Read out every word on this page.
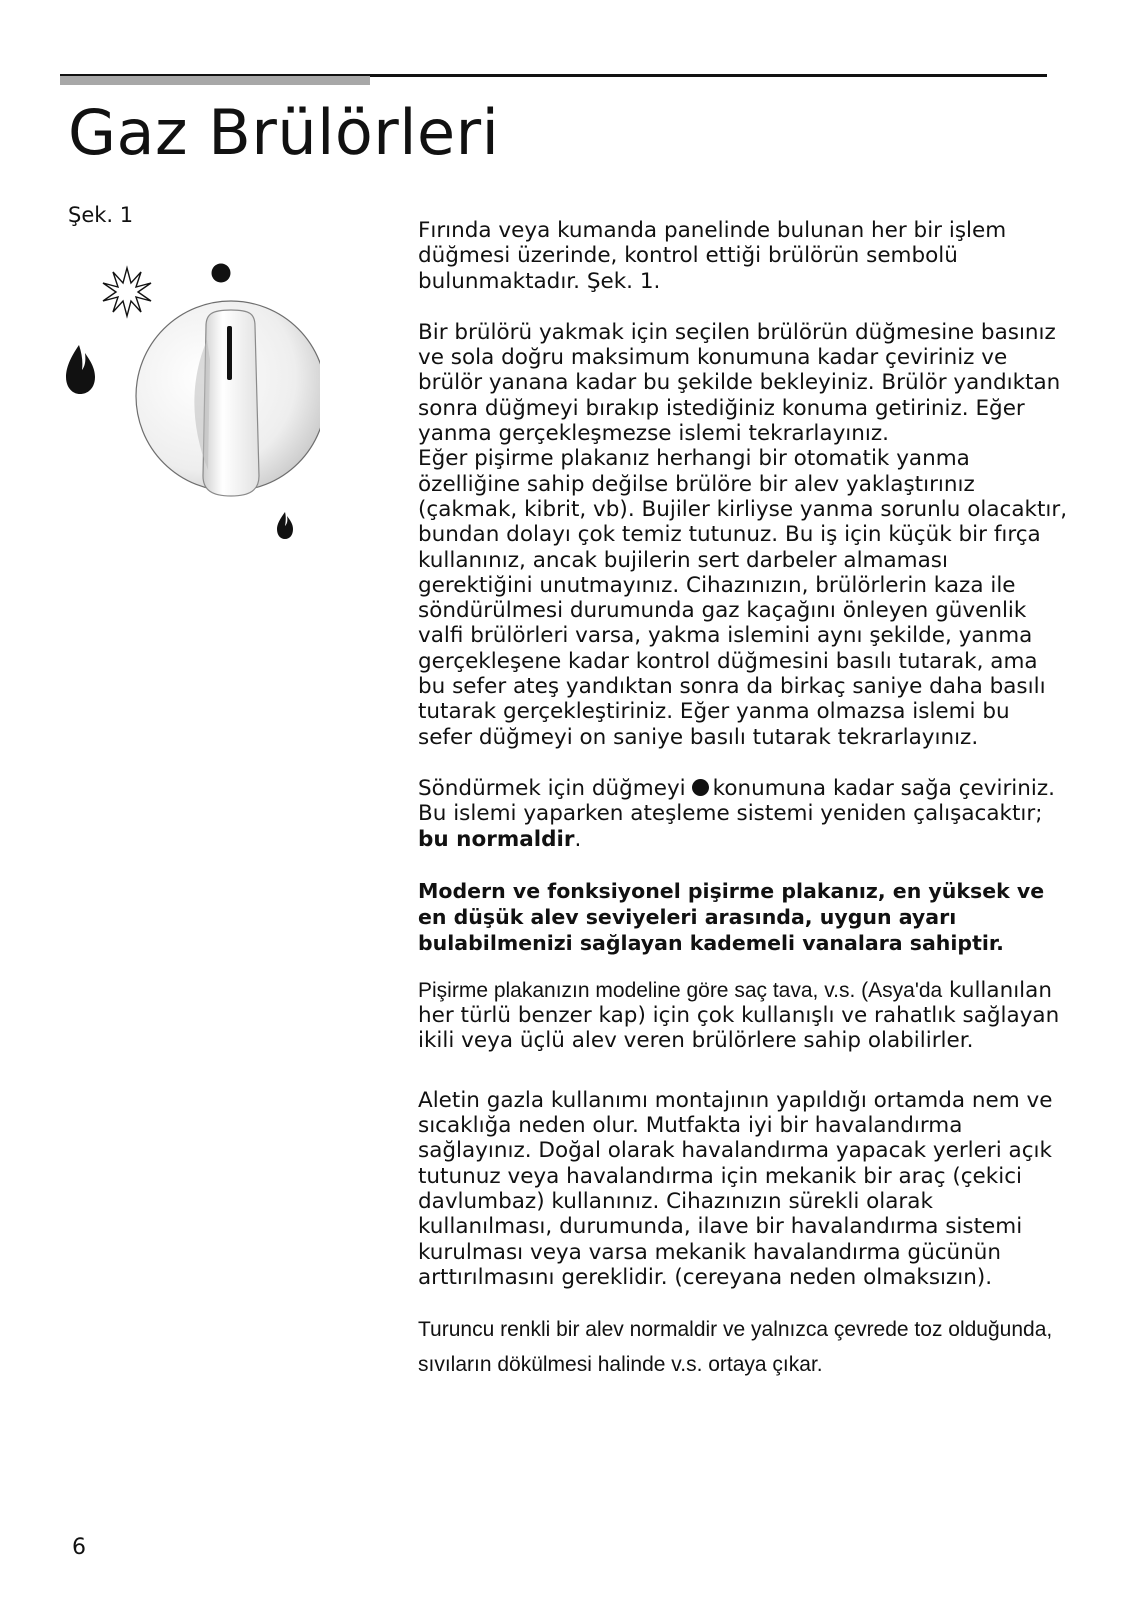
Gaz Brülörleri
Şek. 1

Fırında veya kumanda panelinde bulunan her bir işlem düğmesi üzerinde, kontrol ettiği brülörün sembolü bulunmaktadır. Şek. 1.

Bir brülörü yakmak için seçilen brülörün düğmesine basınız ve sola doğru maksimum konumuna kadar çeviriniz ve brülör yanana kadar bu şekilde bekleyiniz. Brülör yandıktan sonra düğmeyi bırakıp istediğiniz konuma getiriniz. Eğer yanma gerçekleşmezse islemi tekrarlayınız.

Eğer pişirme plakanız herhangi bir otomatik yanma özelliğine sahip değilse brülöre bir alev yaklaştırınız (çakmak, kibrit, vb). Bujiler kirliyse yanma sorunlu olacaktır, bundan dolayı çok temiz tutunuz. Bu iş için küçük bir fırça kullanınız, ancak bujilerin sert darbeler almaması gerektiğini unutmayınız. Cihazınızın, brülörlerin kaza ile söndürülmesi durumunda gaz kaçağını önleyen güvenlik valfi brülörleri varsa, yakma islemini aynı şekilde, yanma gerçekleşene kadar kontrol düğmesini basılı tutarak, ama bu sefer ateş yandıktan sonra da birkaç saniye daha basılı tutarak gerçekleştiriniz. Eğer yanma olmazsa islemi bu sefer düğmeyi on saniye basılı tutarak tekrarlayınız.

Söndürmek için düğmeyi konumuna kadar sağa çeviriniz. Bu islemi yaparken ateşleme sistemi yeniden çalışacaktır; bu normaldir.

Modern ve fonksiyonel pişirme plakanız, en yüksek ve en düşük alev seviyeleri arasında, uygun ayarı bulabilmenizi sağlayan kademeli vanalara sahiptir.

Pişirme plakanızın modeline göre saç tava, v.s. (Asya'da kullanılan her türlü benzer kap) için çok kullanışlı ve rahatlık sağlayan ikili veya üçlü alev veren brülörlere sahip olabilirler.

Aletin gazla kullanımı montajının yapıldığı ortamda nem ve sıcaklığa neden olur. Mutfakta iyi bir havalandırma sağlayınız. Doğal olarak havalandırma yapacak yerleri açık tutunuz veya havalandırma için mekanik bir araç (çekici davlumbaz) kullanınız. Cihazınızın sürekli olarak kullanılması, durumunda, ilave bir havalandırma sistemi kurulması veya varsa mekanik havalandırma gücünün arttırılmasını gereklidir. (cereyana neden olmaksızın).

Turuncu renkli bir alev normaldir ve yalnızca çevrede toz olduğunda, sıvıların dökülmesi halinde v.s. ortaya çıkar.

6
